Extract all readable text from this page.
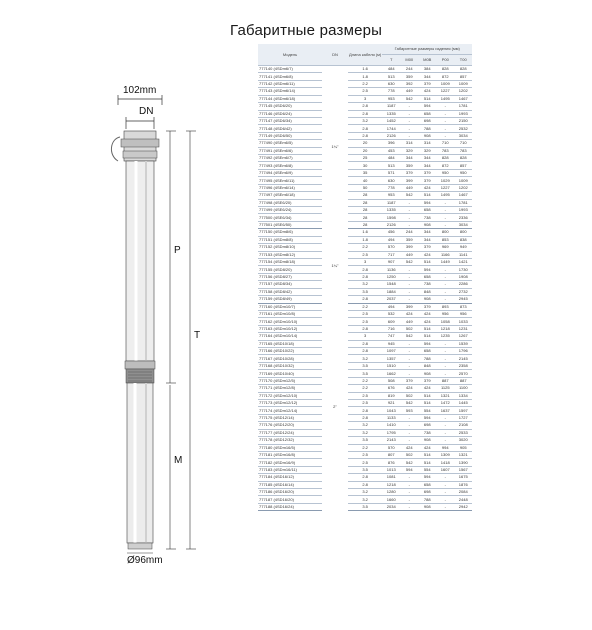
Габаритные размеры
102mm
DN
P
T
M
Ø96mm
Модель	DN	Длина кабеля (м)	Габаритные размеры изделия (мм)				
			T	M00	M0B	P00	T00
777140 (4SDm6/7)	1¼"	1.6	484	244	384	828	828
777141 (4SDm6/8)		1.8	513	359	344	872	857
777142 (4SDm6/11)		2.2	630	392	379	1009	1009
777143 (4SDm6/14)		2.5	778	449	424	1227	1202
777144 (4SDm6/18)		3	953	542	514	1495	1467
777145 (4SD6/20)		2.8	1187	-	594	-	1781
777146 (4SD6/24)		2.8	1335	-	658	-	1993
777147 (4SD6/34)		3.2	1452	-	698	-	2150
777148 (4SD6/42)		2.8	1744	-	788	-	2532
777149 (4SD6/50)		2.8	2126	-	908	-	3034
777490 (4SEm6/5)		20	396	314	314	710	710
777491 (4SEm6/6)		20	453	329	329	783	783
777492 (4SEm6/7)		25	484	344	344	828	828
777493 (4SEm6/8)		30	513	359	344	872	857
777494 (4SEm6/9)		35	571	379	379	950	950
777495 (4SEm6/11)		40	630	399	379	1029	1009
777496 (4SEm6/14)		50	778	449	424	1227	1202
777497 (4SEm6/18)		28	953	542	514	1495	1467
777498 (4SE6/20)		28	1187	-	594	-	1781
777499 (4SE6/24)		28	1335	-	658	-	1993
777500 (4SE6/34)		28	1598	-	738	-	2336
777501 (4SE6/50)		28	2126	-	908	-	3034
777150 (4SDm8/6)	1¼"	1.6	456	244	344	800	800
777151 (4SDm8/8)		1.8	494	359	344	853	838
777152 (4SDm8/10)		2.2	570	399	379	969	949
777153 (4SDm8/12)		2.5	717	449	424	1166	1141
777154 (4SDm8/18)		3	907	542	514	1449	1421
777155 (4SD8/20)		2.8	1136	-	594	-	1730
777156 (4SD8/27)		2.8	1250	-	658	-	1908
777157 (4SD8/34)		3.2	1548	-	738	-	2286
777158 (4SD8/42)		3.5	1884	-	848	-	2732
777159 (4SD8/49)		2.8	2037	-	908	-	2945
777160 (4SDm10/7)	2"	2.2	494	399	379	893	873
777161 (4SDm10/8)		2.5	532	424	424	956	956
777162 (4SDm10/10)		2.5	609	449	424	1058	1033
777163 (4SDm10/12)		2.8	716	502	514	1218	1231
777164 (4SDm10/14)		3	747	542	514	1235	1267
777165 (4SD10/18)		2.8	945	-	594	-	1539
777166 (4SD10/22)		2.8	1097	-	658	-	1796
777167 (4SD10/28)		3.2	1357	-	788	-	2145
777168 (4SD10/32)		3.5	1510	-	848	-	2358
777169 (4SD10/40)		3.5	1662	-	908	-	2570
777170 (4SDm12/5)		2.2	508	379	379	887	887
777171 (4SDm12/8)		2.2	676	424	424	1125	1100
777172 (4SDm12/10)		2.5	819	502	514	1321	1334
777173 (4SDm12/12)		2.5	921	542	514	1472	1445
777174 (4SDm12/14)		2.8	1043	593	554	1637	1597
777175 (4SD12/14)		2.8	1133	-	594	-	1727
777176 (4SD12/20)		3.2	1410	-	698	-	2108
777177 (4SD12/24)		3.2	1795	-	738	-	2533
777178 (4SD12/32)		3.5	2143	-	908	-	3020
777180 (4SDm16/5)		2.2	570	424	424	994	905
777181 (4SDm16/8)		2.5	807	502	514	1309	1321
777182 (4SDm16/9)		2.5	876	542	514	1418	1390
777183 (4SDm16/11)		3.5	1013	594	554	1607	1567
777184 (4SD16/12)		2.8	1081	-	594	-	1675
777185 (4SD16/14)		2.8	1218	-	658	-	1876
777186 (4SD16/20)		3.2	1280	-	698	-	2084
777187 (4SD16/20)		3.2	1660	-	788	-	2448
777188 (4SD16/24)		3.5	2034	-	908	-	2942
